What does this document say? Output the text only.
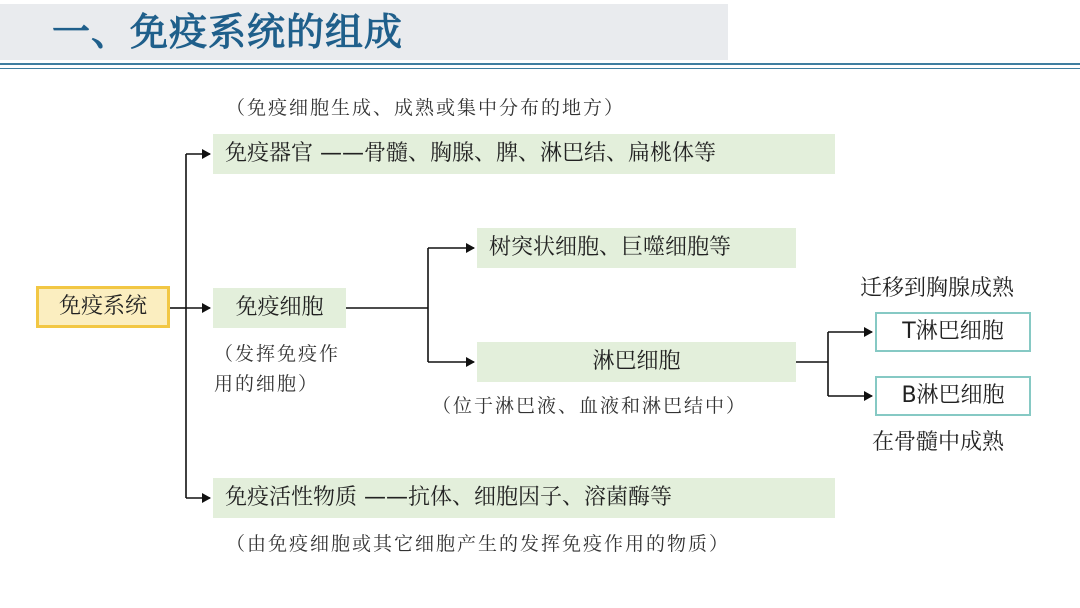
一、免疫系统的组成
免疫系统
（免疫细胞生成、成熟或集中分布的地方）
免疫器官 ——骨髓、胸腺、脾、淋巴结、扁桃体等
免疫细胞
（发挥免疫作
用的细胞）
树突状细胞、巨噬细胞等
淋巴细胞
（位于淋巴液、血液和淋巴结中）
迁移到胸腺成熟
T淋巴细胞
B淋巴细胞
在骨髓中成熟
免疫活性物质 ——抗体、细胞因子、溶菌酶等
（由免疫细胞或其它细胞产生的发挥免疫作用的物质）
